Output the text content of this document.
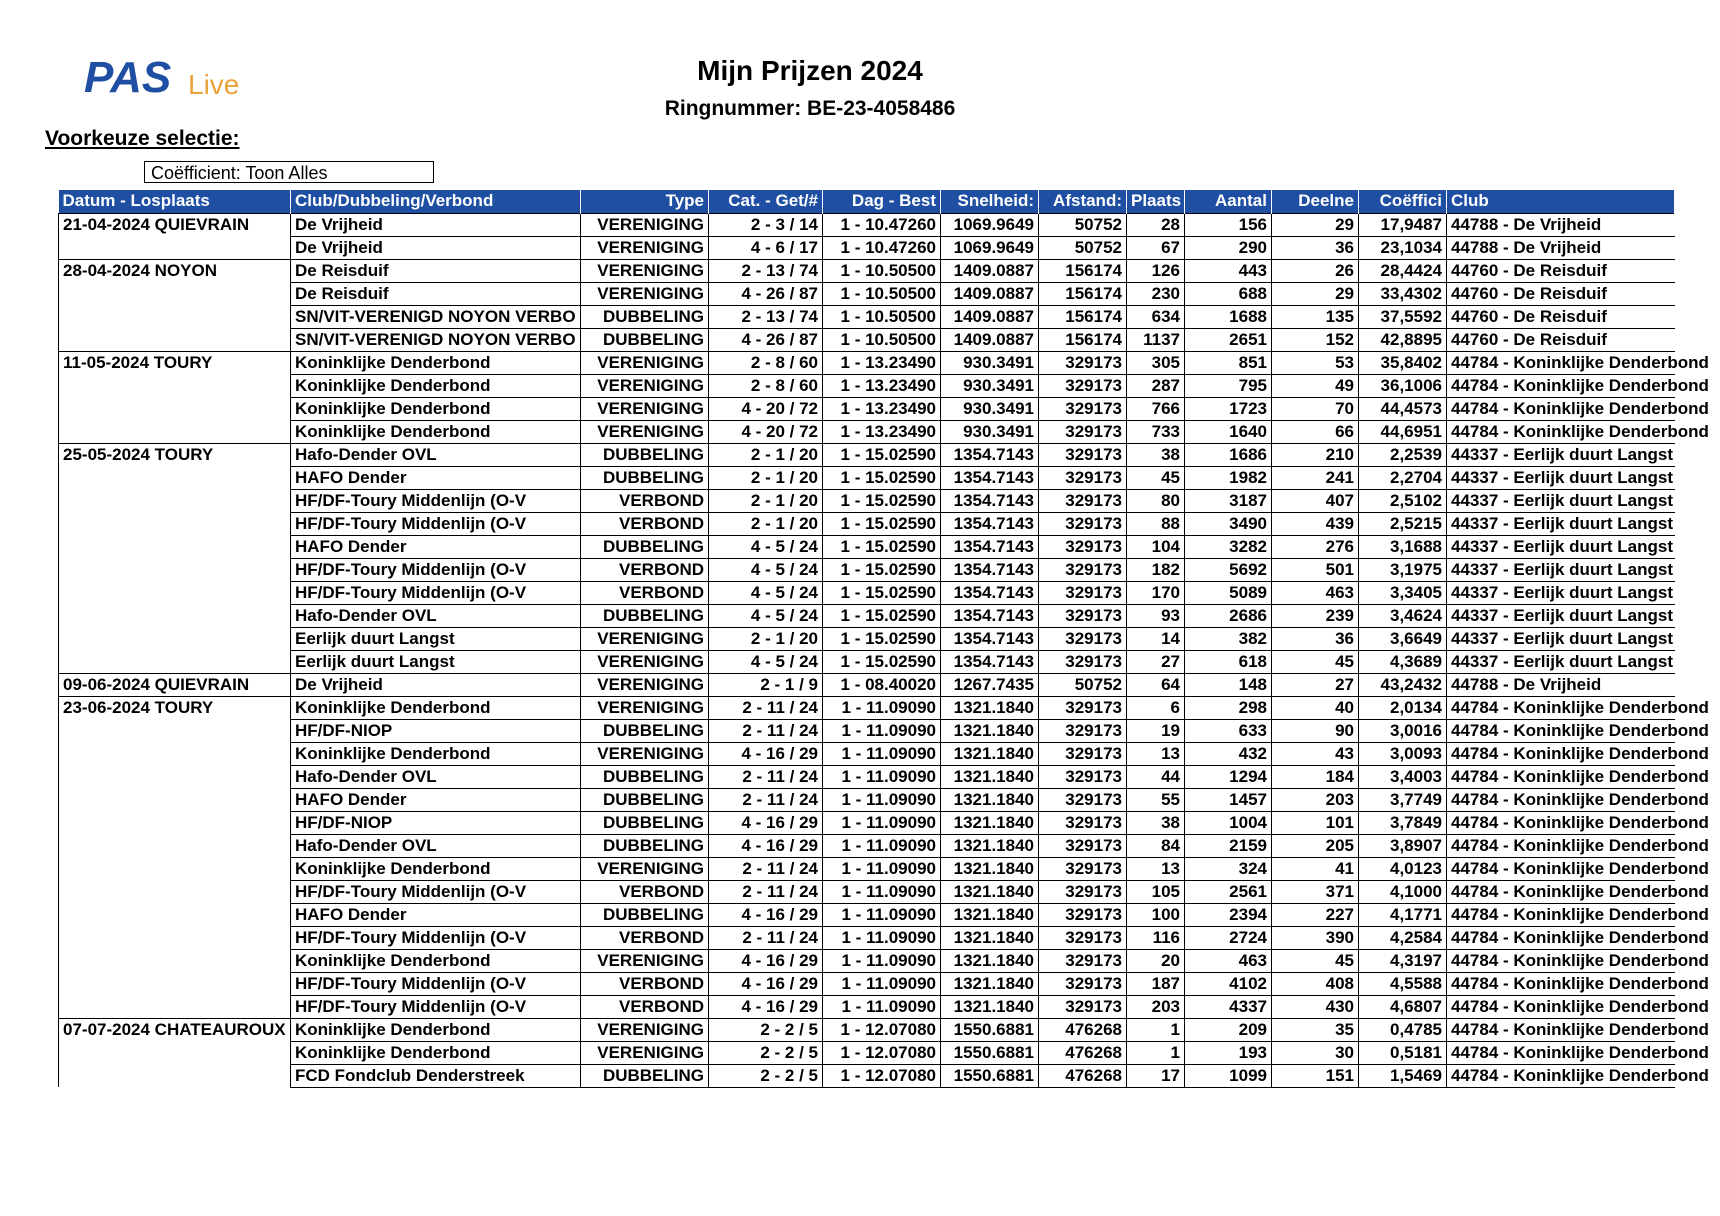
PAS Live	Mijn Prijzen 2024
Ringnummer: BE-23-4058486
Voorkeuze selectie:
Coëfficient: Toon Alles
Datum - Losplaats	Club/Dubbeling/Verbond	Type	Cat. - Get/#	Dag - Best	Snelheid:	Afstand:	Plaats	Aantal	Deelne	Coëffici	Club
21-04-2024 QUIEVRAIN	De Vrijheid	VERENIGING	2 - 3 / 14	1 - 10.47260	1069.9649	50752	28	156	29	17,9487	44788 - De Vrijheid
	De Vrijheid	VERENIGING	4 - 6 / 17	1 - 10.47260	1069.9649	50752	67	290	36	23,1034	44788 - De Vrijheid
28-04-2024 NOYON	De Reisduif	VERENIGING	2 - 13 / 74	1 - 10.50500	1409.0887	156174	126	443	26	28,4424	44760 - De Reisduif
	De Reisduif	VERENIGING	4 - 26 / 87	1 - 10.50500	1409.0887	156174	230	688	29	33,4302	44760 - De Reisduif
	SN/VIT-VERENIGD NOYON VERBO	DUBBELING	2 - 13 / 74	1 - 10.50500	1409.0887	156174	634	1688	135	37,5592	44760 - De Reisduif
	SN/VIT-VERENIGD NOYON VERBO	DUBBELING	4 - 26 / 87	1 - 10.50500	1409.0887	156174	1137	2651	152	42,8895	44760 - De Reisduif
11-05-2024 TOURY	Koninklijke Denderbond	VERENIGING	2 - 8 / 60	1 - 13.23490	930.3491	329173	305	851	53	35,8402	44784 - Koninklijke Denderbond
	Koninklijke Denderbond	VERENIGING	2 - 8 / 60	1 - 13.23490	930.3491	329173	287	795	49	36,1006	44784 - Koninklijke Denderbond
	Koninklijke Denderbond	VERENIGING	4 - 20 / 72	1 - 13.23490	930.3491	329173	766	1723	70	44,4573	44784 - Koninklijke Denderbond
	Koninklijke Denderbond	VERENIGING	4 - 20 / 72	1 - 13.23490	930.3491	329173	733	1640	66	44,6951	44784 - Koninklijke Denderbond
25-05-2024 TOURY	Hafo-Dender OVL	DUBBELING	2 - 1 / 20	1 - 15.02590	1354.7143	329173	38	1686	210	2,2539	44337 - Eerlijk duurt Langst
	HAFO Dender	DUBBELING	2 - 1 / 20	1 - 15.02590	1354.7143	329173	45	1982	241	2,2704	44337 - Eerlijk duurt Langst
	HF/DF-Toury Middenlijn (O-V	VERBOND	2 - 1 / 20	1 - 15.02590	1354.7143	329173	80	3187	407	2,5102	44337 - Eerlijk duurt Langst
	HF/DF-Toury Middenlijn (O-V	VERBOND	2 - 1 / 20	1 - 15.02590	1354.7143	329173	88	3490	439	2,5215	44337 - Eerlijk duurt Langst
	HAFO Dender	DUBBELING	4 - 5 / 24	1 - 15.02590	1354.7143	329173	104	3282	276	3,1688	44337 - Eerlijk duurt Langst
	HF/DF-Toury Middenlijn (O-V	VERBOND	4 - 5 / 24	1 - 15.02590	1354.7143	329173	182	5692	501	3,1975	44337 - Eerlijk duurt Langst
	HF/DF-Toury Middenlijn (O-V	VERBOND	4 - 5 / 24	1 - 15.02590	1354.7143	329173	170	5089	463	3,3405	44337 - Eerlijk duurt Langst
	Hafo-Dender OVL	DUBBELING	4 - 5 / 24	1 - 15.02590	1354.7143	329173	93	2686	239	3,4624	44337 - Eerlijk duurt Langst
	Eerlijk duurt Langst	VERENIGING	2 - 1 / 20	1 - 15.02590	1354.7143	329173	14	382	36	3,6649	44337 - Eerlijk duurt Langst
	Eerlijk duurt Langst	VERENIGING	4 - 5 / 24	1 - 15.02590	1354.7143	329173	27	618	45	4,3689	44337 - Eerlijk duurt Langst
09-06-2024 QUIEVRAIN	De Vrijheid	VERENIGING	2 - 1 / 9	1 - 08.40020	1267.7435	50752	64	148	27	43,2432	44788 - De Vrijheid
23-06-2024 TOURY	Koninklijke Denderbond	VERENIGING	2 - 11 / 24	1 - 11.09090	1321.1840	329173	6	298	40	2,0134	44784 - Koninklijke Denderbond
	HF/DF-NIOP	DUBBELING	2 - 11 / 24	1 - 11.09090	1321.1840	329173	19	633	90	3,0016	44784 - Koninklijke Denderbond
	Koninklijke Denderbond	VERENIGING	4 - 16 / 29	1 - 11.09090	1321.1840	329173	13	432	43	3,0093	44784 - Koninklijke Denderbond
	Hafo-Dender OVL	DUBBELING	2 - 11 / 24	1 - 11.09090	1321.1840	329173	44	1294	184	3,4003	44784 - Koninklijke Denderbond
	HAFO Dender	DUBBELING	2 - 11 / 24	1 - 11.09090	1321.1840	329173	55	1457	203	3,7749	44784 - Koninklijke Denderbond
	HF/DF-NIOP	DUBBELING	4 - 16 / 29	1 - 11.09090	1321.1840	329173	38	1004	101	3,7849	44784 - Koninklijke Denderbond
	Hafo-Dender OVL	DUBBELING	4 - 16 / 29	1 - 11.09090	1321.1840	329173	84	2159	205	3,8907	44784 - Koninklijke Denderbond
	Koninklijke Denderbond	VERENIGING	2 - 11 / 24	1 - 11.09090	1321.1840	329173	13	324	41	4,0123	44784 - Koninklijke Denderbond
	HF/DF-Toury Middenlijn (O-V	VERBOND	2 - 11 / 24	1 - 11.09090	1321.1840	329173	105	2561	371	4,1000	44784 - Koninklijke Denderbond
	HAFO Dender	DUBBELING	4 - 16 / 29	1 - 11.09090	1321.1840	329173	100	2394	227	4,1771	44784 - Koninklijke Denderbond
	HF/DF-Toury Middenlijn (O-V	VERBOND	2 - 11 / 24	1 - 11.09090	1321.1840	329173	116	2724	390	4,2584	44784 - Koninklijke Denderbond
	Koninklijke Denderbond	VERENIGING	4 - 16 / 29	1 - 11.09090	1321.1840	329173	20	463	45	4,3197	44784 - Koninklijke Denderbond
	HF/DF-Toury Middenlijn (O-V	VERBOND	4 - 16 / 29	1 - 11.09090	1321.1840	329173	187	4102	408	4,5588	44784 - Koninklijke Denderbond
	HF/DF-Toury Middenlijn (O-V	VERBOND	4 - 16 / 29	1 - 11.09090	1321.1840	329173	203	4337	430	4,6807	44784 - Koninklijke Denderbond
07-07-2024 CHATEAUROUX	Koninklijke Denderbond	VERENIGING	2 - 2 / 5	1 - 12.07080	1550.6881	476268	1	209	35	0,4785	44784 - Koninklijke Denderbond
	Koninklijke Denderbond	VERENIGING	2 - 2 / 5	1 - 12.07080	1550.6881	476268	1	193	30	0,5181	44784 - Koninklijke Denderbond
	FCD Fondclub Denderstreek	DUBBELING	2 - 2 / 5	1 - 12.07080	1550.6881	476268	17	1099	151	1,5469	44784 - Koninklijke Denderbond
